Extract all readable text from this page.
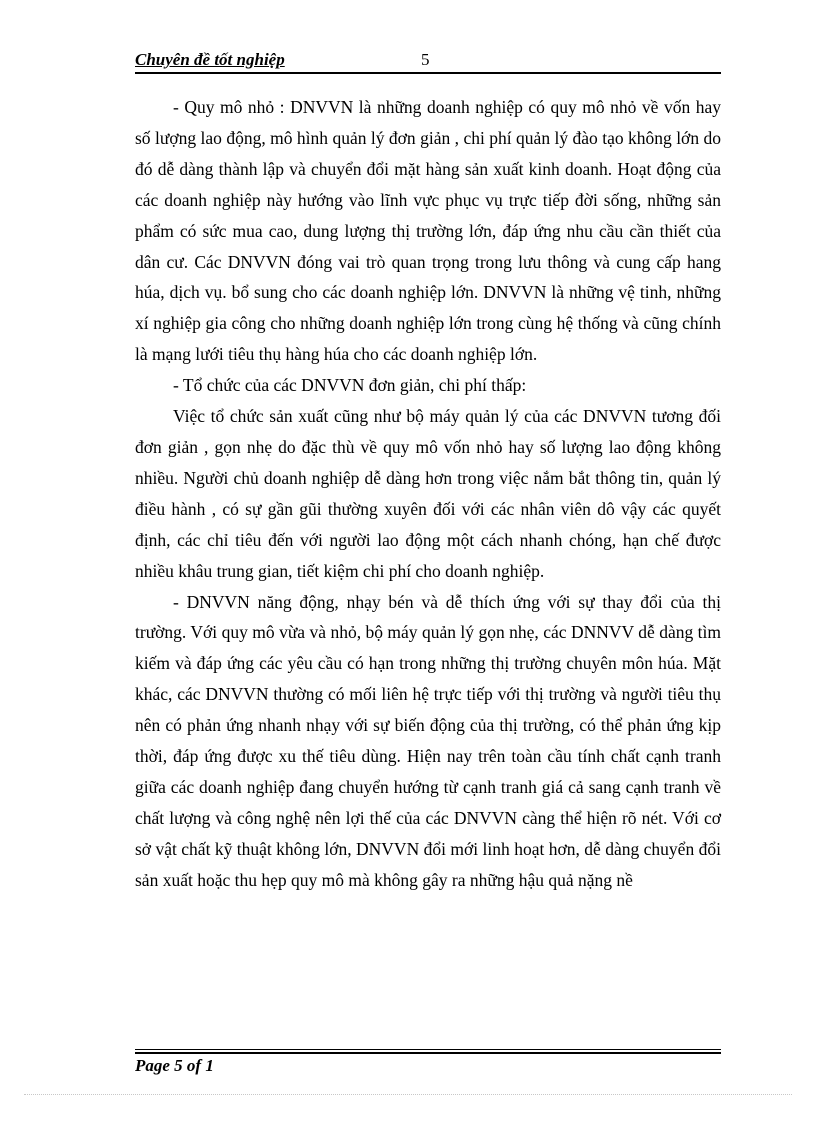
Chuyên đề tốt nghiệp	5

- Quy mô nhỏ : DNVVN là những doanh nghiệp có quy mô nhỏ về vốn hay số lượng lao động, mô hình quản lý đơn giản , chi phí quản lý đào tạo không lớn do đó dễ dàng thành lập và chuyển đổi mặt hàng sản xuất kinh doanh. Hoạt động của các doanh nghiệp này hướng vào lĩnh vực phục vụ trực tiếp đời sống, những sản phẩm có sức mua cao, dung lượng thị trường lớn, đáp ứng nhu cầu cần thiết của dân cư. Các DNVVN đóng vai trò quan trọng trong lưu thông và cung cấp hang húa, dịch vụ. bổ sung cho các doanh nghiệp lớn. DNVVN là những vệ tinh, những xí nghiệp gia công cho những doanh nghiệp lớn trong cùng hệ thống và cũng chính là mạng lưới tiêu thụ hàng húa cho các doanh nghiệp lớn.

- Tổ chức của các DNVVN đơn giản, chi phí thấp:

Việc tổ chức sản xuất cũng như bộ máy quản lý của các DNVVN tương đối đơn giản , gọn nhẹ do đặc thù về quy mô vốn nhỏ hay số lượng lao động không nhiều. Người chủ doanh nghiệp dễ dàng hơn trong việc nắm bắt thông tin, quản lý điều hành , có sự gần gũi thường xuyên đối với các nhân viên dô vậy các quyết định, các chỉ tiêu đến với người lao động một cách nhanh chóng, hạn chế được nhiều khâu trung gian, tiết kiệm chi phí cho doanh nghiệp.

- DNVVN năng động, nhạy bén và dễ thích ứng với sự thay đổi của thị trường. Với quy mô vừa và nhỏ, bộ máy quản lý gọn nhẹ, các DNNVV dễ dàng tìm kiếm và đáp ứng các yêu cầu có hạn trong những thị trường chuyên môn húa. Mặt khác, các DNVVN thường có mối liên hệ trực tiếp với thị trường và người tiêu thụ nên có phản ứng nhanh nhạy với sự biến động của thị trường, có thể phản ứng kịp thời, đáp ứng được xu thế tiêu dùng. Hiện nay trên toàn cầu tính chất cạnh tranh giữa các doanh nghiệp đang chuyển hướng từ cạnh tranh giá cả sang cạnh tranh về chất lượng và công nghệ nên lợi thế của các DNVVN càng thể hiện rõ nét. Với cơ sở vật chất kỹ thuật không lớn, DNVVN đổi mới linh hoạt hơn, dễ dàng chuyển đổi sản xuất hoặc thu hẹp quy mô mà không gây ra những hậu quả nặng nề

Page 5 of 1
